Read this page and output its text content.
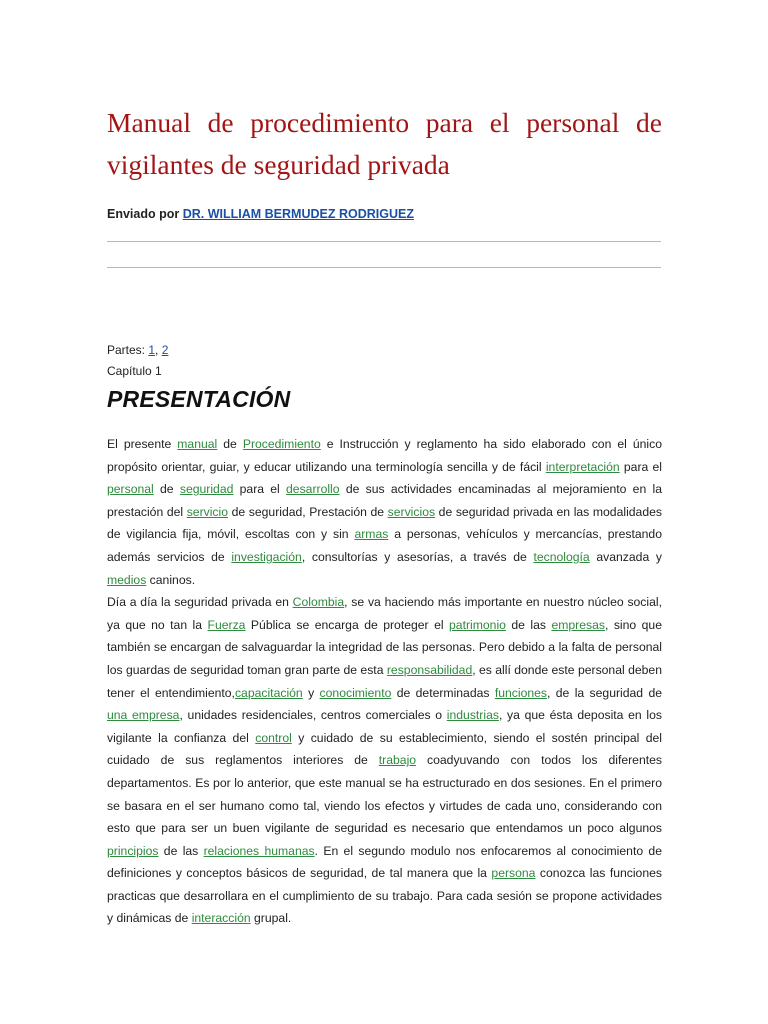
Manual de procedimiento para el personal de vigilantes de seguridad privada
Enviado por DR. WILLIAM BERMUDEZ RODRIGUEZ
Partes: 1, 2
Capítulo 1
PRESENTACIÓN

El presente manual de Procedimiento e Instrucción y reglamento ha sido elaborado con el único propósito orientar, guiar, y educar utilizando una terminología sencilla y de fácil interpretación para el personal de seguridad para el desarrollo de sus actividades encaminadas al mejoramiento en la prestación del servicio de seguridad, Prestación de servicios de seguridad privada en las modalidades de vigilancia fija, móvil, escoltas con y sin armas a personas, vehículos y mercancías, prestando además servicios de investigación, consultorías y asesorías, a través de tecnología avanzada y medios caninos.

Día a día la seguridad privada en Colombia, se va haciendo más importante en nuestro núcleo social, ya que no tan la Fuerza Pública se encarga de proteger el patrimonio de las empresas, sino que también se encargan de salvaguardar la integridad de las personas. Pero debido a la falta de personal los guardas de seguridad toman gran parte de esta responsabilidad, es allí donde este personal deben tener el entendimiento,capacitación y conocimiento de determinadas funciones, de la seguridad de una empresa, unidades residenciales, centros comerciales o industrias, ya que ésta deposita en los vigilante la confianza del control y cuidado de su establecimiento, siendo el sostén principal del cuidado de sus reglamentos interiores de trabajo coadyuvando con todos los diferentes departamentos. Es por lo anterior, que este manual se ha estructurado en dos sesiones. En el primero se basara en el ser humano como tal, viendo los efectos y virtudes de cada uno, considerando con esto que para ser un buen vigilante de seguridad es necesario que entendamos un poco algunos principios de las relaciones humanas. En el segundo modulo nos enfocaremos al conocimiento de definiciones y conceptos básicos de seguridad, de tal manera que la persona conozca las funciones practicas que desarrollara en el cumplimiento de su trabajo. Para cada sesión se propone actividades y dinámicas de interacción grupal.
